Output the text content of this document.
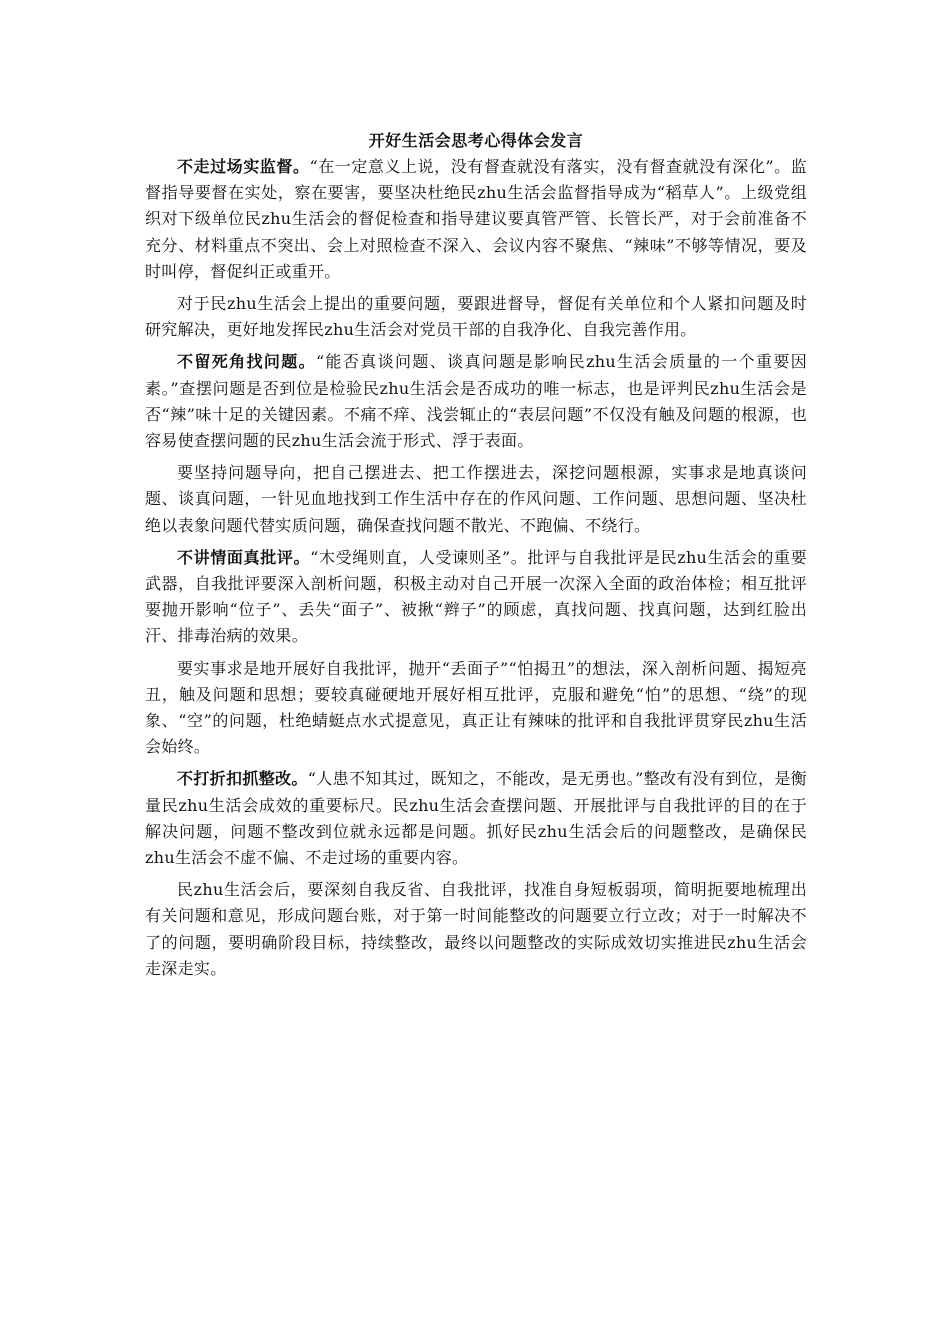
开好生活会思考心得体会发言

不走过场实监督。“在一定意义上说，没有督查就没有落实，没有督查就没有深化”。监督指导要督在实处，察在要害，要坚决杜绝民zhu生活会监督指导成为“稻草人”。上级党组织对下级单位民zhu生活会的督促检查和指导建议要真管严管、长管长严，对于会前准备不充分、材料重点不突出、会上对照检查不深入、会议内容不聚焦、“辣味”不够等情况，要及时叫停，督促纠正或重开。

对于民zhu生活会上提出的重要问题，要跟进督导，督促有关单位和个人紧扣问题及时研究解决，更好地发挥民zhu生活会对党员干部的自我净化、自我完善作用。

不留死角找问题。“能否真谈问题、谈真问题是影响民zhu生活会质量的一个重要因素。”查摆问题是否到位是检验民zhu生活会是否成功的唯一标志，也是评判民zhu生活会是否“辣”味十足的关键因素。不痛不痒、浅尝辄止的“表层问题”不仅没有触及问题的根源，也容易使查摆问题的民zhu生活会流于形式、浮于表面。

要坚持问题导向，把自己摆进去、把工作摆进去，深挖问题根源，实事求是地真谈问题、谈真问题，一针见血地找到工作生活中存在的作风问题、工作问题、思想问题、坚决杜绝以表象问题代替实质问题，确保查找问题不散光、不跑偏、不绕行。

不讲情面真批评。“木受绳则直，人受谏则圣”。批评与自我批评是民zhu生活会的重要武器，自我批评要深入剖析问题，积极主动对自己开展一次深入全面的政治体检；相互批评要抛开影响“位子”、丢失“面子”、被揪“辫子”的顾虑，真找问题、找真问题，达到红脸出汗、排毒治病的效果。

要实事求是地开展好自我批评，抛开“丢面子”“怕揭丑”的想法，深入剖析问题、揭短亮丑，触及问题和思想；要较真碰硬地开展好相互批评，克服和避免“怕”的思想、“绕”的现象、“空”的问题，杜绝蜻蜓点水式提意见，真正让有辣味的批评和自我批评贯穿民zhu生活会始终。

不打折扣抓整改。“人患不知其过，既知之，不能改，是无勇也。”整改有没有到位，是衡量民zhu生活会成效的重要标尺。民zhu生活会查摆问题、开展批评与自我批评的目的在于解决问题，问题不整改到位就永远都是问题。抓好民zhu生活会后的问题整改，是确保民zhu生活会不虚不偏、不走过场的重要内容。

民zhu生活会后，要深刻自我反省、自我批评，找准自身短板弱项，简明扼要地梳理出有关问题和意见，形成问题台账，对于第一时间能整改的问题要立行立改；对于一时解决不了的问题，要明确阶段目标，持续整改，最终以问题整改的实际成效切实推进民zhu生活会走深走实。
